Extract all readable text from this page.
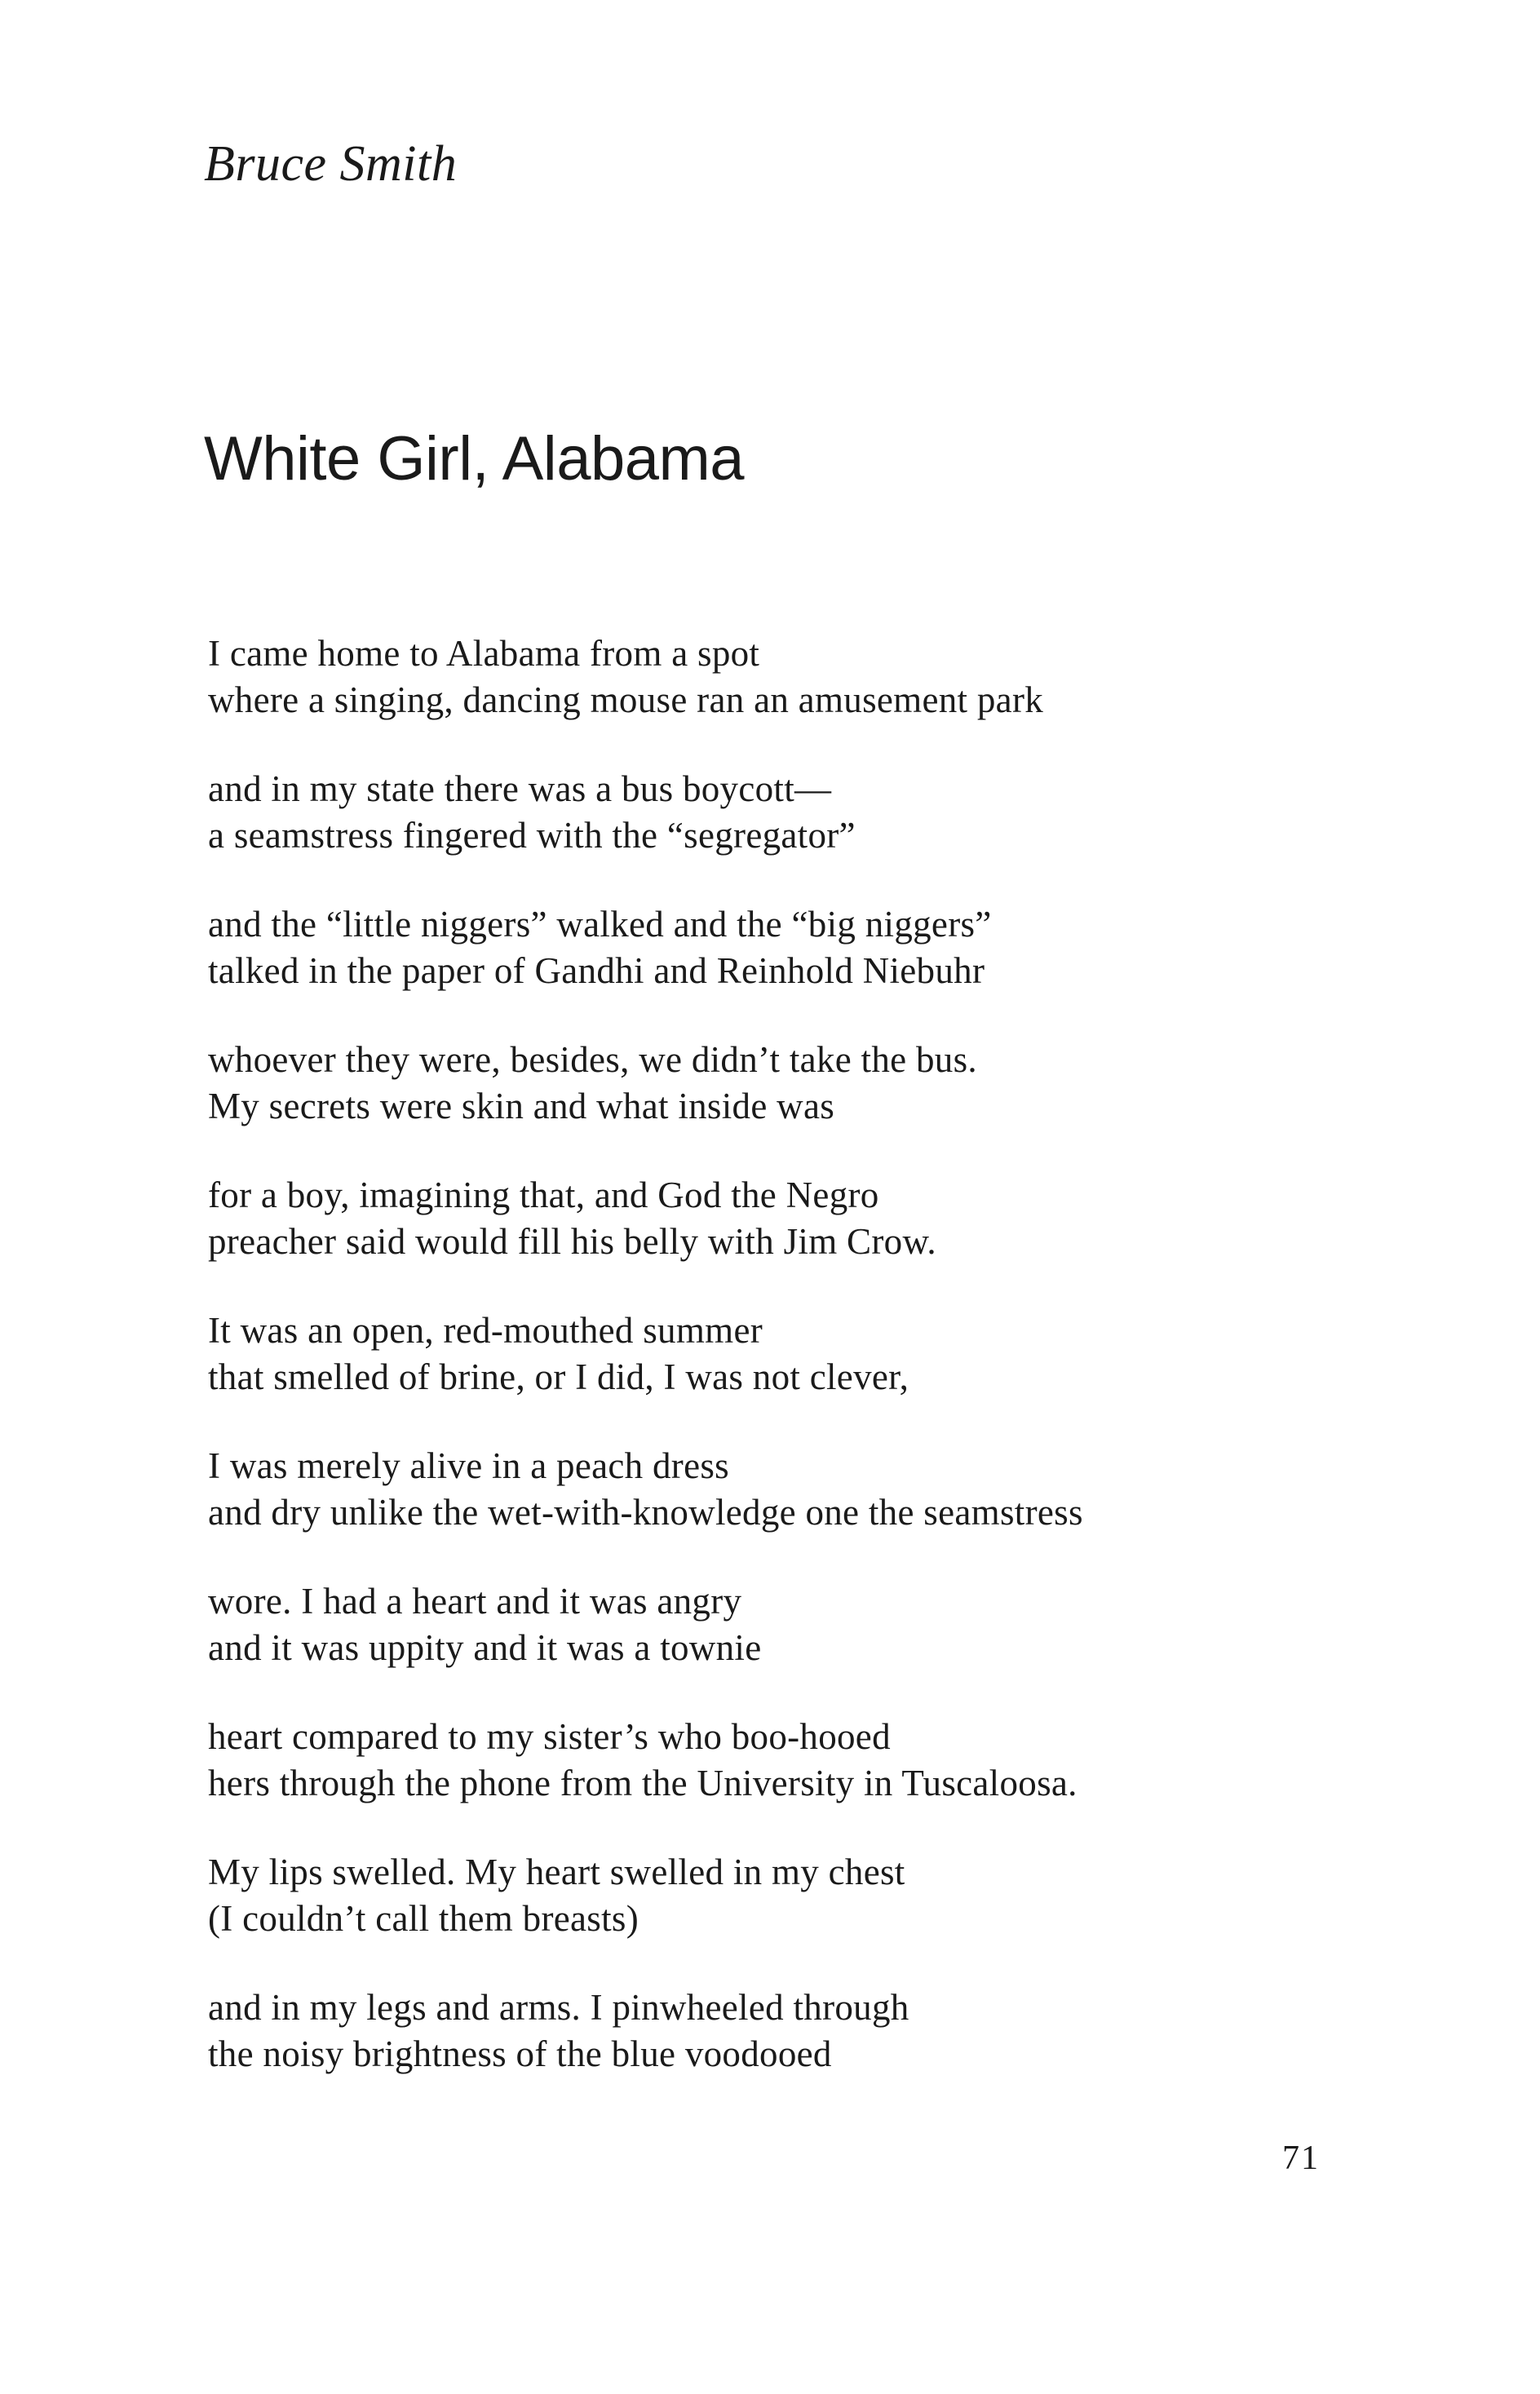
Bruce Smith
White Girl, Alabama
I came home to Alabama from a spot
where a singing, dancing mouse ran an amusement park
and in my state there was a bus boycott—
a seamstress fingered with the “segregator”
and the “little niggers” walked and the “big niggers”
talked in the paper of Gandhi and Reinhold Niebuhr
whoever they were, besides, we didn’t take the bus.
My secrets were skin and what inside was
for a boy, imagining that, and God the Negro
preacher said would fill his belly with Jim Crow.
It was an open, red-mouthed summer
that smelled of brine, or I did, I was not clever,
I was merely alive in a peach dress
and dry unlike the wet-with-knowledge one the seamstress
wore. I had a heart and it was angry
and it was uppity and it was a townie
heart compared to my sister’s who boo-hooed
hers through the phone from the University in Tuscaloosa.
My lips swelled. My heart swelled in my chest
(I couldn’t call them breasts)
and in my legs and arms. I pinwheeled through
the noisy brightness of the blue voodooed
71
